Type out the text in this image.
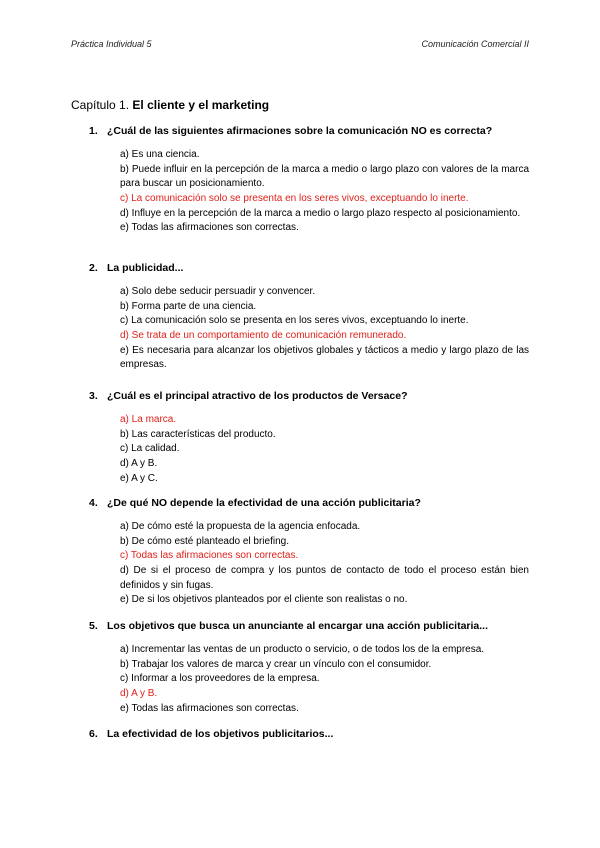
Práctica Individual 5	Comunicación Comercial II
Capítulo 1. El cliente y el marketing
1. ¿Cuál de las siguientes afirmaciones sobre la comunicación NO es correcta?
a) Es una ciencia.
b) Puede influir en la percepción de la marca a medio o largo plazo con valores de la marca para buscar un posicionamiento.
c) La comunicación solo se presenta en los seres vivos, exceptuando lo inerte.
d) Influye en la percepción de la marca a medio o largo plazo respecto al posicionamiento.
e) Todas las afirmaciones son correctas.
2. La publicidad...
a) Solo debe seducir persuadir y convencer.
b) Forma parte de una ciencia.
c) La comunicación solo se presenta en los seres vivos, exceptuando lo inerte.
d) Se trata de un comportamiento de comunicación remunerado.
e) Es necesaria para alcanzar los objetivos globales y tácticos a medio y largo plazo de las empresas.
3. ¿Cuál es el principal atractivo de los productos de Versace?
a) La marca.
b) Las características del producto.
c) La calidad.
d) A y B.
e) A y C.
4. ¿De qué NO depende la efectividad de una acción publicitaria?
a) De cómo esté la propuesta de la agencia enfocada.
b) De cómo esté planteado el briefing.
c) Todas las afirmaciones son correctas.
d) De si el proceso de compra y los puntos de contacto de todo el proceso están bien definidos y sin fugas.
e) De si los objetivos planteados por el cliente son realistas o no.
5. Los objetivos que busca un anunciante al encargar una acción publicitaria...
a) Incrementar las ventas de un producto o servicio, o de todos los de la empresa.
b) Trabajar los valores de marca y crear un vínculo con el consumidor.
c) Informar a los proveedores de la empresa.
d) A y B.
e) Todas las afirmaciones son correctas.
6. La efectividad de los objetivos publicitarios...
